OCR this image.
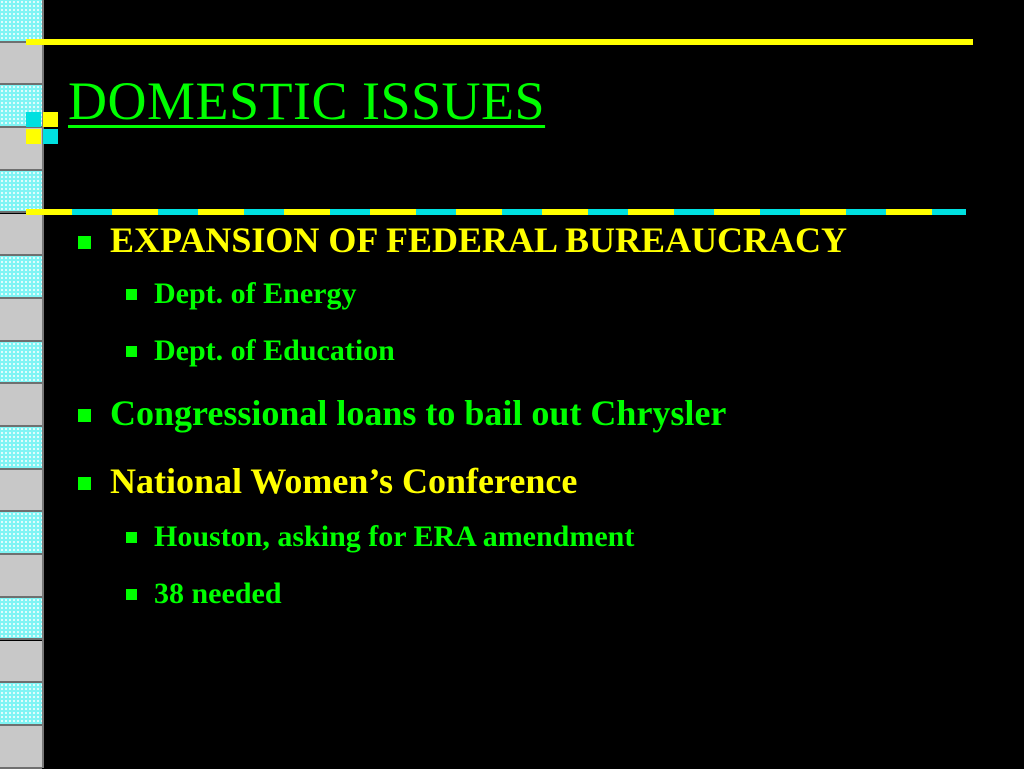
DOMESTIC ISSUES
EXPANSION OF FEDERAL BUREAUCRACY
Dept. of Energy
Dept. of Education
Congressional loans to bail out Chrysler
National Women’s Conference
Houston, asking for ERA amendment
38 needed
